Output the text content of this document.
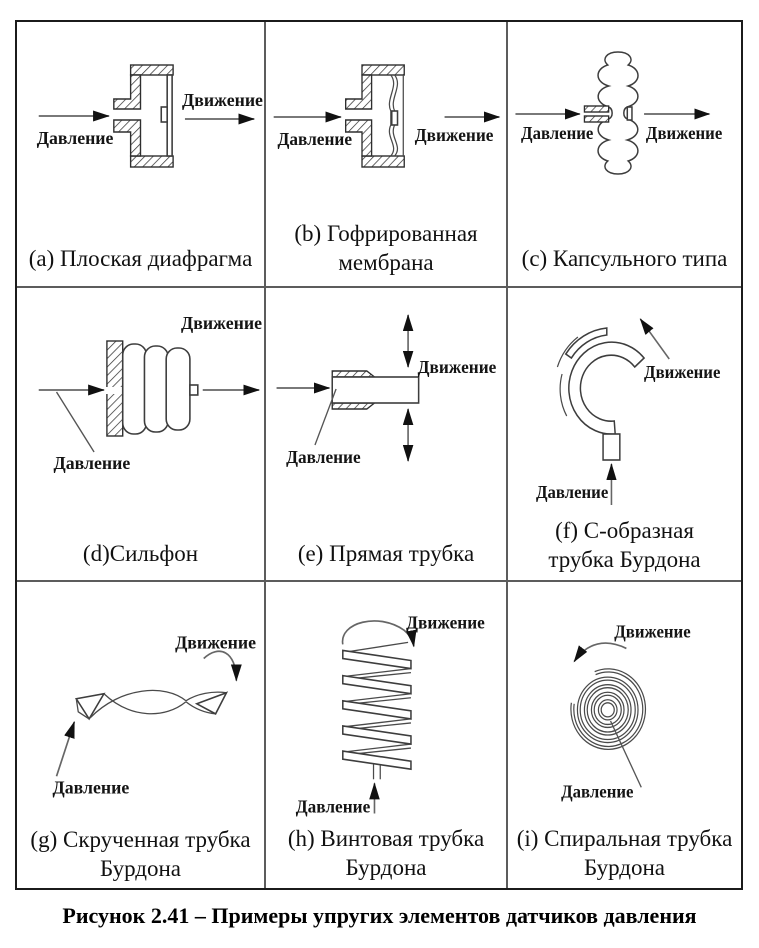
Давление
Движение
(a) Плоская диафрагма
Давление	Движение
(b) Гофрированная
мембрана
Давление	Движение
(c) Капсульного типа
Движение
Давление
(d)Сильфон
Движение
Давление
(e) Прямая трубка
Движение
Давление
(f) С-образная
трубка Бурдона
Движение
Давление
(g) Скрученная трубка
Бурдона
Движение
Давление
(h) Винтовая трубка
Бурдона
Движение
Давление
(i) Спиральная трубка
Бурдона
Рисунок 2.41 – Примеры упругих элементов датчиков давления
